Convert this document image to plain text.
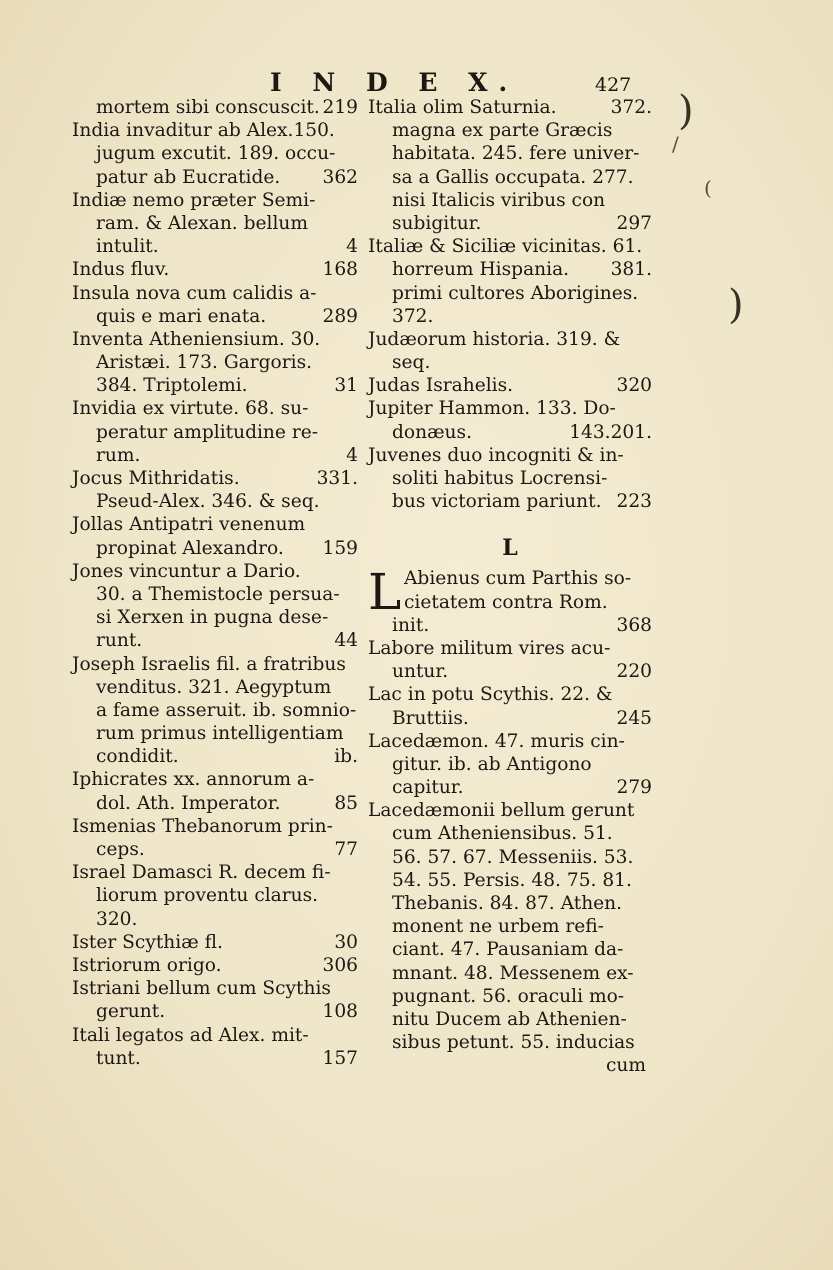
I N D E X.	427
mortem sibi conscuscit. 219
India invaditur ab Alex.150.
jugum excutit. 189. occu-
patur ab Eucratide. 362
Indiæ nemo præter Semi-
ram. & Alexan. bellum
intulit.	4
Indus fluv.	168
Insula nova cum calidis a-
quis e mari enata.	289
Inventa Atheniensium. 30.
Aristæi. 173. Gargoris.
384. Triptolemi.	31
Invidia ex virtute. 68. su-
peratur amplitudine re-
rum.	4
Jocus Mithridatis.	331.
Pseud-Alex. 346. & seq.
Jollas Antipatri venenum
propinat Alexandro. 159
Jones vincuntur a Dario.
30. a Themistocle persua-
si Xerxen in pugna dese-
runt.	44
Joseph Israelis fil. a fratribus
venditus. 321. Aegyptum
a fame asseruit. ib. somnio-
rum primus intelligentiam
condidit.	ib.
Iphicrates xx. annorum a-
dol. Ath. Imperator.	85
Ismenias Thebanorum prin-
ceps.	77
Israel Damasci R. decem fi-
liorum proventu clarus.
320.
Ister Scythiæ fl.	30
Istriorum origo.	306
Istriani bellum cum Scythis
gerunt.	108
Itali legatos ad Alex. mit-
tunt.	157
Italia olim Saturnia.	372.
magna ex parte Græcis
habitata. 245. fere univer-
sa a Gallis occupata. 277.
nisi Italicis viribus con
subigitur.	297
Italiæ & Siciliæ vicinitas. 61.
horreum Hispania. 381.
primi cultores Aborigines.
372.
Judæorum historia. 319. &
seq.
Judas Israhelis.	320
Jupiter Hammon. 133. Do-
donæus.	143.201.
Juvenes duo incogniti & in-
soliti habitus Locrensi-
bus victoriam pariunt. 223
L
L Abienus cum Parthis so-
cietatem contra Rom.
init.	368
Labore militum vires acu-
untur.	220
Lac in potu Scythis. 22. &
Bruttiis.	245
Lacedæmon. 47. muris cin-
gitur. ib. ab Antigono
capitur.	279
Lacedæmonii bellum gerunt
cum Atheniensibus. 51.
56. 57. 67. Messeniis. 53.
54. 55. Persis. 48. 75. 81.
Thebanis. 84. 87. Athen.
monent ne urbem refi-
ciant. 47. Pausaniam da-
mnant. 48. Messenem ex-
pugnant. 56. oraculi mo-
nitu Ducem ab Athenien-
sibus petunt. 55. inducias
cum
)
)
/
(
